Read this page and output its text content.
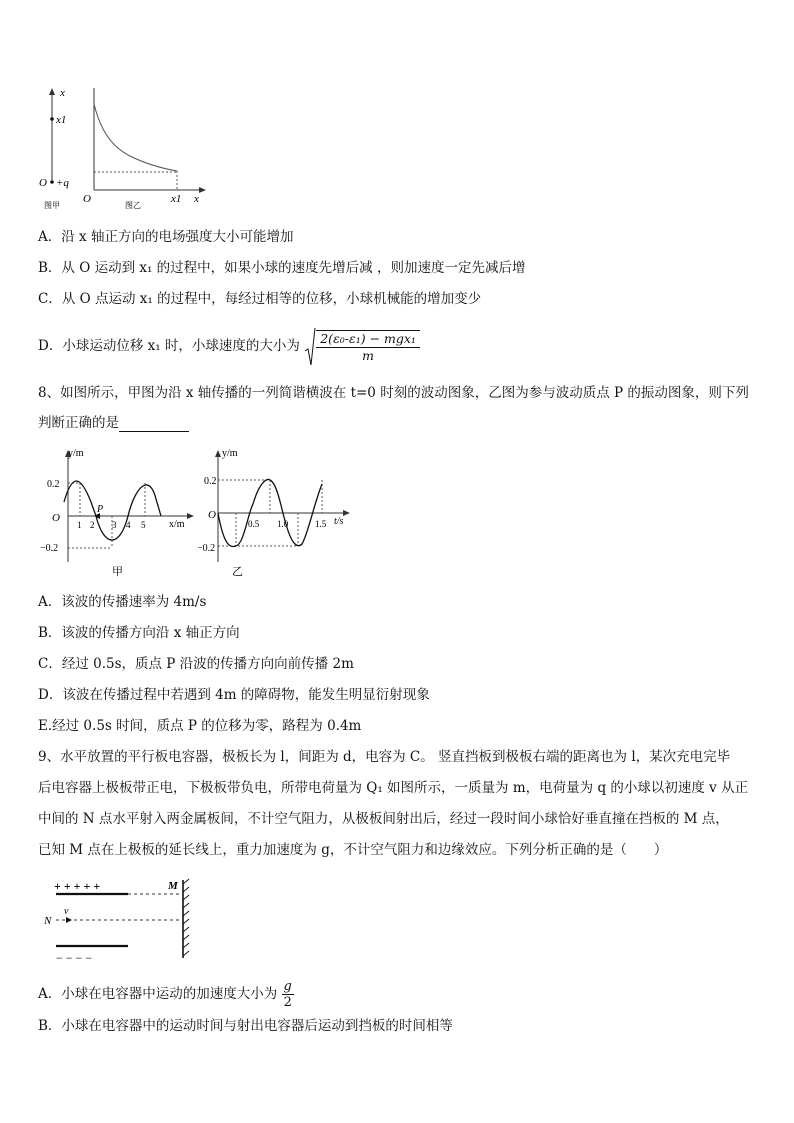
x
x1
O +q
图甲
O	x1 x
图乙
A．沿 x 轴正方向的电场强度大小可能增加
B．从 O 运动到 x₁ 的过程中，如果小球的速度先增后减 ，则加速度一定先减后增
C．从 O 点运动 x₁ 的过程中，每经过相等的位移，小球机械能的增加变少
D．小球运动位移 x₁ 时，小球速度的大小为 $\frac{\text{2(ε₀-ε₁) − mgx₁}}{m}$
8、如图所示，甲图为沿 x 轴传播的一列简谐横波在 t=0 时刻的波动图象，乙图为参与波动质点 P 的振动图象，则下列
判断正确的是
y/m
x/m
O
0.2
−0.2
P
1 2 3 4 5
甲
y/m
t/s
O
0.2
−0.2
0.5 1.0	1.5
乙
A．该波的传播速率为 4m/s
B．该波的传播方向沿 x 轴正方向
C．经过 0.5s，质点 P 沿波的传播方向向前传播 2m
D．该波在传播过程中若遇到 4m 的障碍物，能发生明显衍射现象
E.经过 0.5s 时间，质点 P 的位移为零，路程为 0.4m
9、水平放置的平行板电容器，极板长为 l，间距为 d，电容为 C。 竖直挡板到极板右端的距离也为 l，某次充电完毕
后电容器上极板带正电，下极板带负电，所带电荷量为 Q₁ 如图所示，一质量为 m，电荷量为 q 的小球以初速度 v 从正
中间的 N 点水平射入两金属板间，不计空气阻力，从极板间射出后，经过一段时间小球恰好垂直撞在挡板的 M 点，
已知 M 点在上极板的延长线上，重力加速度为 g，不计空气阻力和边缘效应。下列分析正确的是（　　）
+ + + + +	M
N
v
− − − −
A．小球在电容器中运动的加速度大小为 $\frac{g}{2}$
B．小球在电容器中的运动时间与射出电容器后运动到挡板的时间相等
